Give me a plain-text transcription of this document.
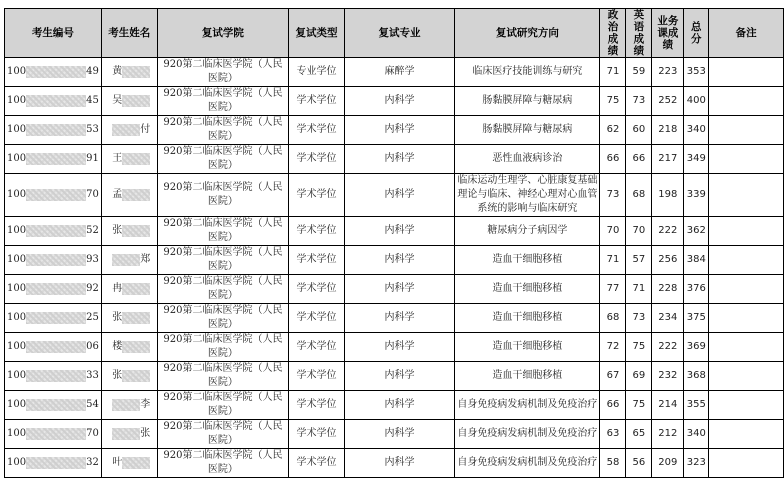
考生编号	考生姓名	复试学院	复试类型	复试专业	复试研究方向	政治成绩	英语成绩	业务课成绩	总分	备注
100 49	黄	920第二临床医学院（人民医院）	专业学位	麻醉学	临床医疗技能训练与研究	71	59	223	353	
100 45	吴	920第二临床医学院（人民医院）	学术学位	内科学	肠黏膜屏障与糖尿病	75	73	252	400	
100 53	付	920第二临床医学院（人民医院）	学术学位	内科学	肠黏膜屏障与糖尿病	62	60	218	340	
100 91	王	920第二临床医学院（人民医院）	学术学位	内科学	恶性血液病诊治	66	66	217	349	
100 70	孟	920第二临床医学院（人民医院）	学术学位	内科学	临床运动生理学、心脏康复基础理论与临床、神经心理对心血管系统的影响与临床研究	73	68	198	339	
100 52	张	920第二临床医学院（人民医院）	学术学位	内科学	糖尿病分子病因学	70	70	222	362	
100 93	郑	920第二临床医学院（人民医院）	学术学位	内科学	造血干细胞移植	71	57	256	384	
100 92	冉	920第二临床医学院（人民医院）	学术学位	内科学	造血干细胞移植	77	71	228	376	
100 25	张	920第二临床医学院（人民医院）	学术学位	内科学	造血干细胞移植	68	73	234	375	
100 06	楼	920第二临床医学院（人民医院）	学术学位	内科学	造血干细胞移植	72	75	222	369	
100 33	张	920第二临床医学院（人民医院）	学术学位	内科学	造血干细胞移植	67	69	232	368	
100 54	李	920第二临床医学院（人民医院）	学术学位	内科学	自身免疫病发病机制及免疫治疗	66	75	214	355	
100 70	张	920第二临床医学院（人民医院）	学术学位	内科学	自身免疫病发病机制及免疫治疗	63	65	212	340	
100 32	叶	920第二临床医学院（人民医院）	学术学位	内科学	自身免疫病发病机制及免疫治疗	58	56	209	323	
